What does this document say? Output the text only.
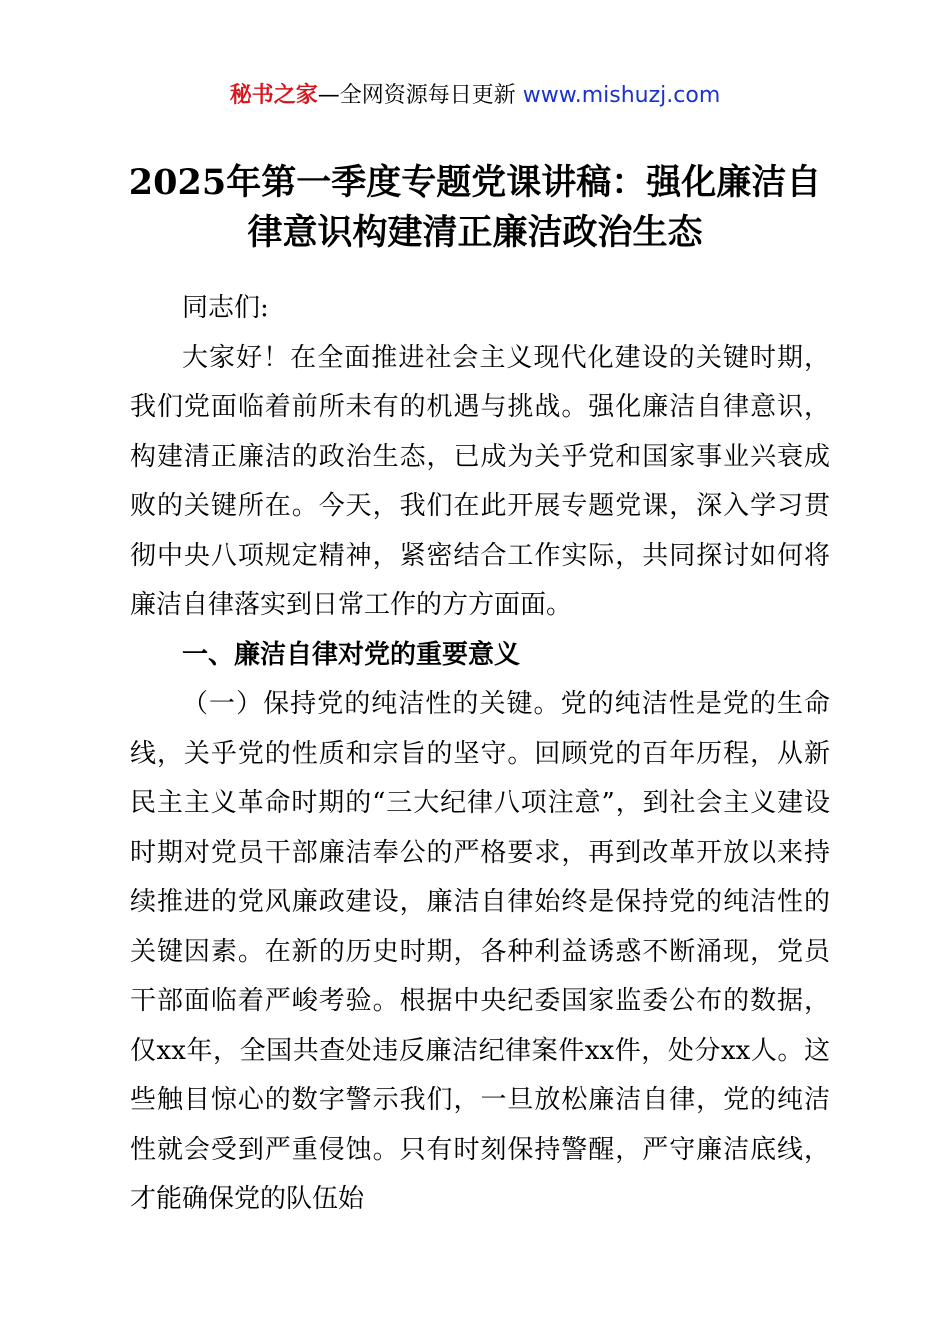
秘书之家—全网资源每日更新 www.mishuzj.com
2025年第一季度专题党课讲稿：强化廉洁自
律意识构建清正廉洁政治生态

同志们:

大家好！在全面推进社会主义现代化建设的关键时期，我们党面临着前所未有的机遇与挑战。强化廉洁自律意识，构建清正廉洁的政治生态，已成为关乎党和国家事业兴衰成败的关键所在。今天，我们在此开展专题党课，深入学习贯彻中央八项规定精神，紧密结合工作实际，共同探讨如何将廉洁自律落实到日常工作的方方面面。

一、廉洁自律对党的重要意义

（一）保持党的纯洁性的关键。党的纯洁性是党的生命线，关乎党的性质和宗旨的坚守。回顾党的百年历程，从新民主主义革命时期的“三大纪律八项注意”，到社会主义建设时期对党员干部廉洁奉公的严格要求，再到改革开放以来持续推进的党风廉政建设，廉洁自律始终是保持党的纯洁性的关键因素。在新的历史时期，各种利益诱惑不断涌现，党员干部面临着严峻考验。根据中央纪委国家监委公布的数据，仅xx年，全国共查处违反廉洁纪律案件xx件，处分xx人。这些触目惊心的数字警示我们，一旦放松廉洁自律，党的纯洁性就会受到严重侵蚀。只有时刻保持警醒，严守廉洁底线，才能确保党的队伍始
